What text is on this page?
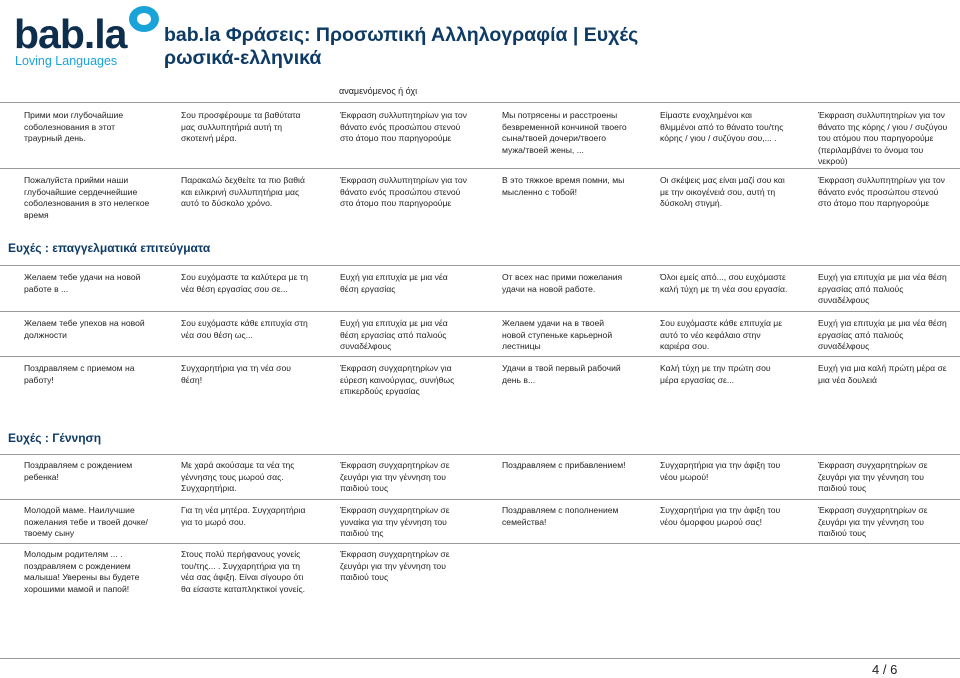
bab.la
Loving Languages
bab.la Φράσεις: Προσωπική Αλληλογραφία | Ευχές
ρωσικά-ελληνικά
αναμενόμενος ή όχι
Прими мои глубочайшие соболезнования в этот траурный день.
Σου προσφέρουμε τα βαθύτατα μας συλλυπητήριά αυτή τη σκοτεινή μέρα.
Έκφραση συλλυπητηρίων για τον θάνατο ενός προσώπου στενού στο άτομο που παρηγορούμε
Мы потрясены и расстроены безвременной кончиной твоего сына/твоей дочери/твоего мужа/твоей жены, ...
Είμαστε ενοχλημένοι και θλιμμένοι από το θάνατο του/της κόρης / γιου / συζύγου σου,... .
Έκφραση συλλυπητηρίων για τον θάνατο της κόρης / γιου / συζύγου του ατόμου που παρηγορούμε (περιλαμβάνει το όνομα του νεκρού)
Пожалуйста прийми наши глубочайшие сердечнейшие соболезнования в это нелегкое время
Παρακαλώ δεχθείτε τα πιο βαθιά και ειλικρινή συλλυπητήρια μας αυτό το δύσκολο χρόνο.
Έκφραση συλλυπητηρίων για τον θάνατο ενός προσώπου στενού στο άτομο που παρηγορούμε
В это тяжкое время помни, мы мысленно с тобой!
Οι σκέψεις μας είναι μαζί σου και με την οικογένειά σου, αυτή τη δύσκολη στιγμή.
Έκφραση συλλυπητηρίων για τον θάνατο ενός προσώπου στενού στο άτομο που παρηγορούμε
Ευχές : επαγγελματικά επιτεύγματα
Желаем тебе удачи на новой работе в ...
Σου ευχόμαστε τα καλύτερα με τη νέα θέση εργασίας σου σε...
Ευχή για επιτυχία με μια νέα θέση εργασίας
От всех нас прими пожелания удачи на новой работе.
Όλοι εμείς από..., σου ευχόμαστε καλή τύχη με τη νέα σου εργασία.
Ευχή για επιτυχία με μια νέα θέση εργασίας από παλιούς συναδέλφους
Желаем тебе упехов на новой должности
Σου ευχόμαστε κάθε επιτυχία στη νέα σου θέση ως...
Ευχή για επιτυχία με μια νέα θέση εργασίας από παλιούς συναδέλφους
Желаем удачи на в твоей новой ступеньке карьерной лестницы
Σου ευχόμαστε κάθε επιτυχία με αυτό το νέο κεφάλαιο στην καριέρα σου.
Ευχή για επιτυχία με μια νέα θέση εργασίας από παλιούς συναδέλφους
Поздравляем с приемом на работу!
Συγχαρητήρια για τη νέα σου θέση!
Έκφραση συγχαρητηρίων για εύρεση καινούργιας, συνήθως επικερδούς εργασίας
Удачи в твой первый рабочий день в...
Καλή τύχη με την πρώτη σου μέρα εργασίας σε...
Ευχή για μια καλή πρώτη μέρα σε μια νέα δουλειά
Ευχές : Γέννηση
Поздравляем с рождением ребенка!
Με χαρά ακούσαμε τα νέα της γέννησης τους μωρού σας. Συγχαρητήρια.
Έκφραση συγχαρητηρίων σε ζευγάρι για την γέννηση του παιδιού τους
Поздравляем с прибавлением!	Συγχαρητήρια για την άφιξη του νέου μωρού!
Έκφραση συγχαρητηρίων σε ζευγάρι για την γέννηση του παιδιού τους
Молодой маме. Наилучшие пожелания тебе и твоей дочке/твоему сыну
Για τη νέα μητέρα. Συγχαρητήρια για το μωρό σου.
Έκφραση συγχαρητηρίων σε γυναίκα για την γέννηση του παιδιού της
Поздравляем с пополнением семейства!
Συγχαρητήρια για την άφιξη του νέου όμορφου μωρού σας!
Έκφραση συγχαρητηρίων σε ζευγάρι για την γέννηση του παιδιού τους
Молодым родителям ... . поздравляем с рождением малыша! Уверены вы будете хорошими мамой и папой!
Στους πολύ περήφανους γονείς του/της... . Συγχαρητήρια για τη νέα σας άφιξη. Είναι σίγουρο ότι θα είσαστε καταπληκτικοί γονείς.
Έκφραση συγχαρητηρίων σε ζευγάρι για την γέννηση του παιδιού τους
4 / 6
